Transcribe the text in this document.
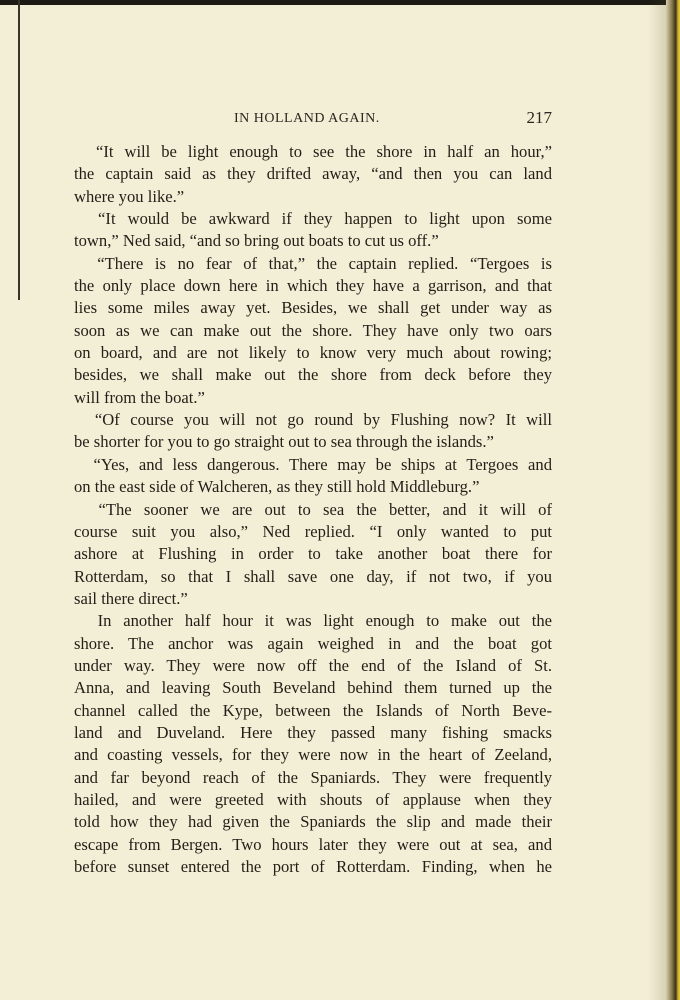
IN HOLLAND AGAIN.	217
“It will be light enough to see the shore in half an hour,”
the captain said as they drifted away, “and then you can land
where you like.”
“It would be awkward if they happen to light upon some
town,” Ned said, “and so bring out boats to cut us off.”
“There is no fear of that,” the captain replied. “Tergoes is
the only place down here in which they have a garrison, and that
lies some miles away yet. Besides, we shall get under way as
soon as we can make out the shore. They have only two oars
on board, and are not likely to know very much about rowing;
besides, we shall make out the shore from deck before they
will from the boat.”
“Of course you will not go round by Flushing now? It will
be shorter for you to go straight out to sea through the islands.”
“Yes, and less dangerous. There may be ships at Tergoes and
on the east side of Walcheren, as they still hold Middleburg.”
“The sooner we are out to sea the better, and it will of
course suit you also,” Ned replied. “I only wanted to put
ashore at Flushing in order to take another boat there for
Rotterdam, so that I shall save one day, if not two, if you
sail there direct.”
In another half hour it was light enough to make out the
shore. The anchor was again weighed in and the boat got
under way. They were now off the end of the Island of St.
Anna, and leaving South Beveland behind them turned up the
channel called the Kype, between the Islands of North Beve-
land and Duveland. Here they passed many fishing smacks
and coasting vessels, for they were now in the heart of Zeeland,
and far beyond reach of the Spaniards. They were frequently
hailed, and were greeted with shouts of applause when they
told how they had given the Spaniards the slip and made their
escape from Bergen. Two hours later they were out at sea, and
before sunset entered the port of Rotterdam. Finding, when he
